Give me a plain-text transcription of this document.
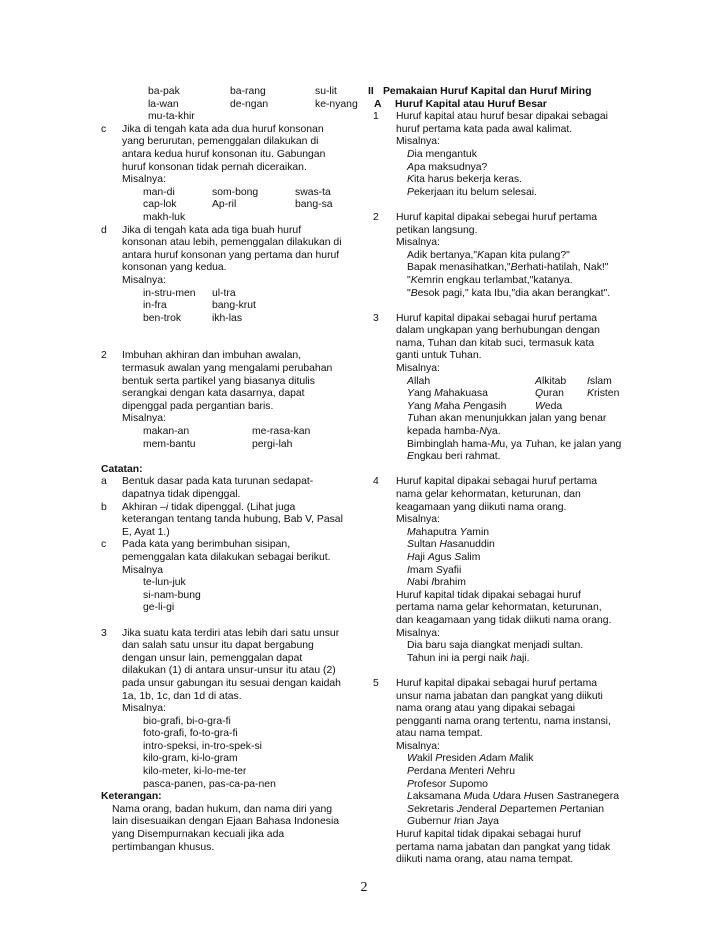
ba-pak	ba-rang	su-lit
la-wan	de-ngan	ke-nyang
mu-ta-khir
c Jika di tengah kata ada dua huruf konsonan
yang berurutan, pemenggalan dilakukan di
antara kedua huruf konsonan itu. Gabungan
huruf konsonan tidak pernah diceraikan.
Misalnya:
man-di	som-bong	swas-ta
cap-lok	Ap-ril	bang-sa
makh-luk
d Jika di tengah kata ada tiga buah huruf
konsonan atau lebih, pemenggalan dilakukan di
antara huruf konsonan yang pertama dan huruf
konsonan yang kedua.
Misalnya:
in-stru-men ul-tra
in-fra	bang-krut
ben-trok	ikh-las
2 Imbuhan akhiran dan imbuhan awalan,
termasuk awalan yang mengalami perubahan
bentuk serta partikel yang biasanya ditulis
serangkai dengan kata dasarnya, dapat
dipenggal pada pergantian baris.
Misalnya:
makan-an	me-rasa-kan
mem-bantu	pergi-lah
Catatan:
a Bentuk dasar pada kata turunan sedapat-
dapatnya tidak dipenggal.
b Akhiran –i tidak dipenggal. (Lihat juga
keterangan tentang tanda hubung, Bab V, Pasal
E, Ayat 1.)
c Pada kata yang berimbuhan sisipan,
pemenggalan kata dilakukan sebagai berikut.
Misalnya
te-lun-juk
si-nam-bung
ge-li-gi
3 Jika suatu kata terdiri atas lebih dari satu unsur
dan salah satu unsur itu dapat bergabung
dengan unsur lain, pemenggalan dapat
dilakukan (1) di antara unsur-unsur itu atau (2)
pada unsur gabungan itu sesuai dengan kaidah
1a, 1b, 1c, dan 1d di atas.
Misalnya:
bio-grafi, bi-o-gra-fi
foto-grafi, fo-to-gra-fi
intro-speksi, in-tro-spek-si
kilo-gram, ki-lo-gram
kilo-meter, ki-lo-me-ter
pasca-panen, pas-ca-pa-nen
Keterangan:
Nama orang, badan hukum, dan nama diri yang
lain disesuaikan dengan Ejaan Bahasa Indonesia
yang Disempurnakan kecuali jika ada
pertimbangan khusus.
II Pemakaian Huruf Kapital dan Huruf Miring
A Huruf Kapital atau Huruf Besar
1 Huruf kapital atau huruf besar dipakai sebagai
huruf pertama kata pada awal kalimat.
Misalnya:
Dia mengantuk
Apa maksudnya?
Kita harus bekerja keras.
Pekerjaan itu belum selesai.
2 Huruf kapital dipakai sebegai huruf pertama
petikan langsung.
Misalnya:
Adik bertanya,"Kapan kita pulang?"
Bapak menasihatkan,"Berhati-hatilah, Nak!"
"Kemrin engkau terlambat,"katanya.
"Besok pagi," kata Ibu,"dia akan berangkat".
3 Huruf kapital dipakai sebagai huruf pertama
dalam ungkapan yang berhubungan dengan
nama, Tuhan dan kitab suci, termasuk kata
ganti untuk Tuhan.
Misalnya:
Allah	Alkitab Islam
Yang Mahakuasa	Quran Kristen
Yang Maha Pengasih	Weda
Tuhan akan menunjukkan jalan yang benar
kepada hamba-Nya.
Bimbinglah hama-Mu, ya Tuhan, ke jalan yang
Engkau beri rahmat.
4 Huruf kapital dipakai sebagai huruf pertama
nama gelar kehormatan, keturunan, dan
keagamaan yang diikuti nama orang.
Misalnya:
Mahaputra Yamin
Sultan Hasanuddin
Haji Agus Salim
Imam Syafii
Nabi Ibrahim
Huruf kapital tidak dipakai sebagai huruf
pertama nama gelar kehormatan, keturunan,
dan keagamaan yang tidak diikuti nama orang.
Misalnya:
Dia baru saja diangkat menjadi sultan.
Tahun ini ia pergi naik haji.
5 Huruf kapital dipakai sebagai huruf pertama
unsur nama jabatan dan pangkat yang diikuti
nama orang atau yang dipakai sebagai
pengganti nama orang tertentu, nama instansi,
atau nama tempat.
Misalnya:
Wakil Presiden Adam Malik
Perdana Menteri Nehru
Profesor Supomo
Laksamana Muda Udara Husen Sastranegera
Sekretaris Jenderal Departemen Pertanian
Gubernur Irian Jaya
Huruf kapital tidak dipakai sebagai huruf
pertama nama jabatan dan pangkat yang tidak
diikuti nama orang, atau nama tempat.
2
